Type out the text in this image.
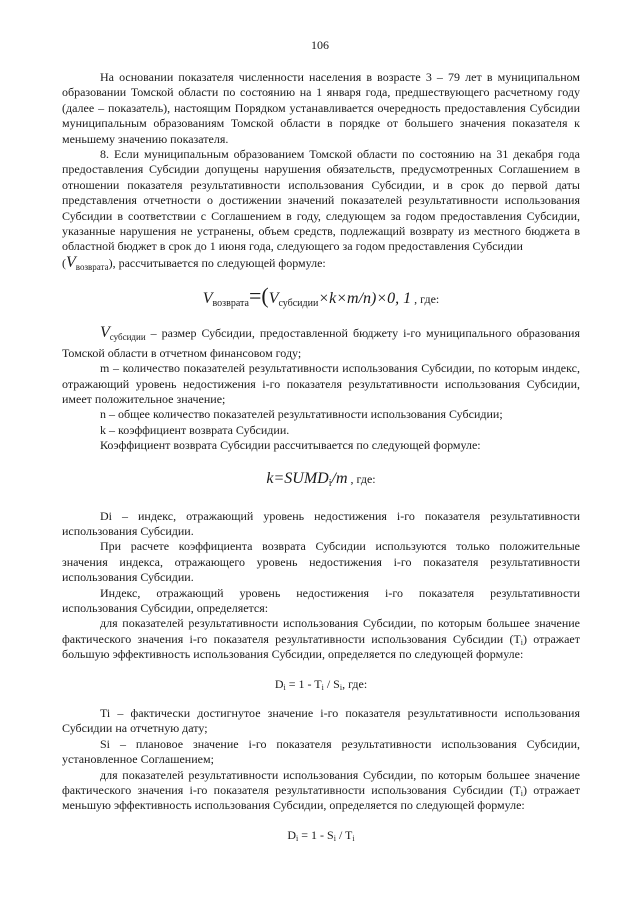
106

На основании показателя численности населения в возрасте 3 – 79 лет в муниципальном образовании Томской области по состоянию на 1 января года, предшествующего расчетному году (далее – показатель), настоящим Порядком устанавливается очередность предоставления Субсидии муниципальным образованиям Томской области в порядке от большего значения показателя к меньшему значению показателя.

8. Если муниципальным образованием Томской области по состоянию на 31 декабря года предоставления Субсидии допущены нарушения обязательств, предусмотренных Соглашением в отношении показателя результативности использования Субсидии, и в срок до первой даты представления отчетности о достижении значений показателей результативности использования Субсидии в соответствии с Соглашением в году, следующем за годом предоставления Субсидии, указанные нарушения не устранены, объем средств, подлежащий возврату из местного бюджета в областной бюджет в срок до 1 июня года, следующего за годом предоставления Субсидии

$(V_{возврата})$, рассчитывается по следующей формуле:

$V_{возврата}=(V_{субсидии}\times k\times m/n)\times 0$, 1 , где:

$V_{субсидии}$ – размер Субсидии, предоставленной бюджету i-го муниципального образования Томской области в отчетном финансовом году;

m – количество показателей результативности использования Субсидии, по которым индекс, отражающий уровень недостижения i-го показателя результативности использования Субсидии, имеет положительное значение;

n – общее количество показателей результативности использования Субсидии;

k – коэффициент возврата Субсидии.

Коэффициент возврата Субсидии рассчитывается по следующей формуле:

$k=SUMD_i/m$ , где:

Di – индекс, отражающий уровень недостижения i-го показателя результативности использования Субсидии.

При расчете коэффициента возврата Субсидии используются только положительные значения индекса, отражающего уровень недостижения i-го показателя результативности использования Субсидии.

Индекс, отражающий уровень недостижения i-го показателя результативности использования Субсидии, определяется:

для показателей результативности использования Субсидии, по которым большее значение фактического значения i-го показателя результативности использования Субсидии $(T_i)$ отражает большую эффективность использования Субсидии, определяется по следующей формуле:

$D_i = 1 - T_i / S_i$, где:

Ti – фактически достигнутое значение i-го показателя результативности использования Субсидии на отчетную дату;

Si – плановое значение i-го показателя результативности использования Субсидии, установленное Соглашением;

для показателей результативности использования Субсидии, по которым большее значение фактического значения i-го показателя результативности использования Субсидии $(T_i)$ отражает меньшую эффективность использования Субсидии, определяется по следующей формуле:

$D_i = 1 - S_i / T_i$
